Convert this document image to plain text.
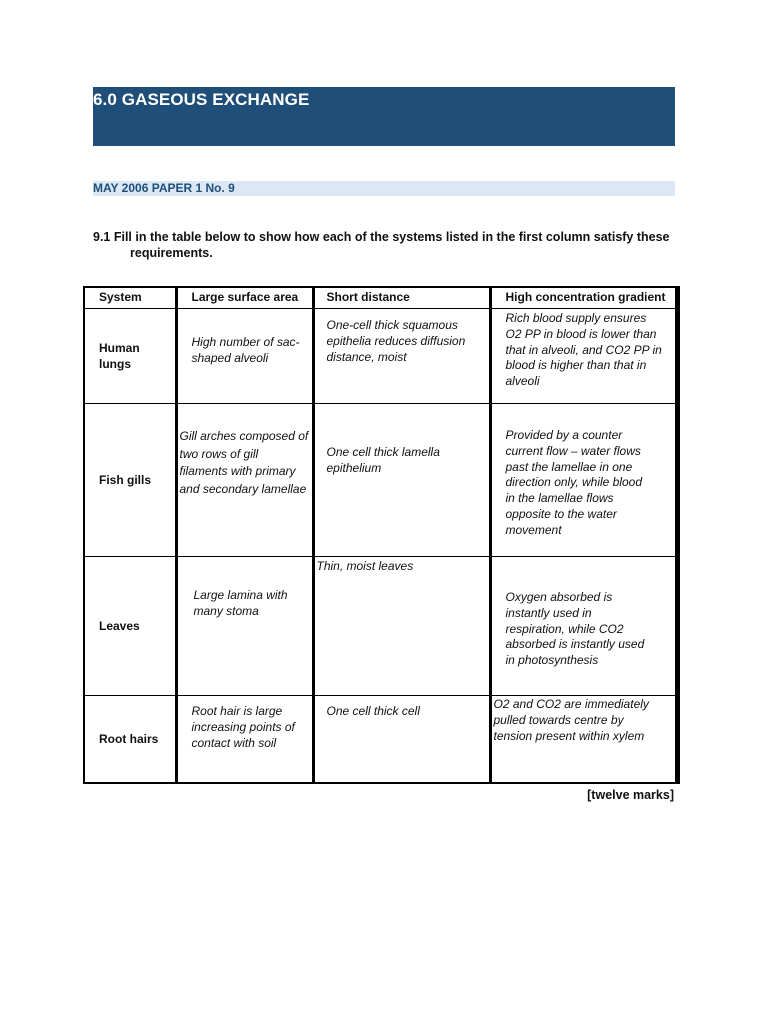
6.0 GASEOUS EXCHANGE
MAY 2006 PAPER 1 No. 9
9.1 Fill in the table below to show how each of the systems listed in the first column satisfy these
requirements.
System	Large surface area	Short distance	High concentration gradient
Human lungs	High number of sac-shaped alveoli	One-cell thick squamous epithelia reduces diffusion distance, moist	Rich blood supply ensures O2 PP in blood is lower than that in alveoli, and CO2 PP in blood is higher than that in alveoli
Fish gills	Gill arches composed of two rows of gill filaments with primary and secondary lamellae	One cell thick lamella epithelium	Provided by a counter current flow – water flows past the lamellae in one direction only, while blood in the lamellae flows opposite to the water movement
Leaves	Large lamina with many stoma	Thin, moist leaves	Oxygen absorbed is instantly used in respiration, while CO2 absorbed is instantly used in photosynthesis
Root hairs	Root hair is large increasing points of contact with soil	One cell thick cell	O2 and CO2 are immediately pulled towards centre by tension present within xylem
[twelve marks]
